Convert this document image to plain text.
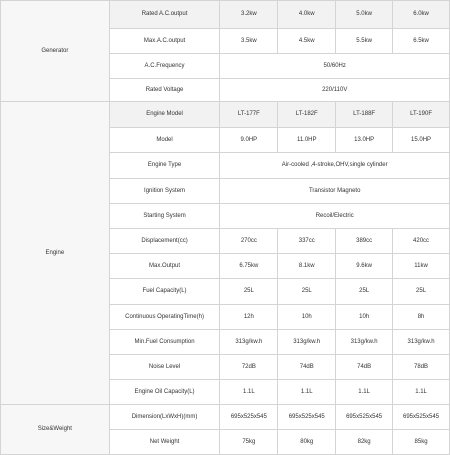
Generator	Rated A.C.output	3.2kw	4.0kw	5.0kw	6.0kw
	Max.A.C.output	3.5kw	4.5kw	5.5kw	6.5kw
	A.C.Frequency	50/60Hz			
	Rated Voltage	220/110V			
Engine	Engine Model	LT-177F	LT-182F	LT-188F	LT-190F
	Model	9.0HP	11.0HP	13.0HP	15.0HP
	Engine Type	Air-cooled ,4-stroke,OHV,single cylinder			
	Ignition System	Transistor Magneto			
	Starting System	Recoil/Electric			
	Displacement(cc)	270cc	337cc	389cc	420cc
	Max.Output	6.75kw	8.1kw	9.6kw	11kw
	Fuel Capacity(L)	25L	25L	25L	25L
	Continuous OperatingTime(h)	12h	10h	10h	8h
	Min.Fuel Consumption	313g/kw.h	313g/kw.h	313g/kw.h	313g/kw.h
	Noise Level	72dB	74dB	74dB	78dB
	Engine Oil Capacity(L)	1.1L	1.1L	1.1L	1.1L
Size&Weight	Dimension(LxWxH)(mm)	695x525x545	695x525x545	695x525x545	695x525x545
	Net Weight	75kg	80kg	82kg	85kg
